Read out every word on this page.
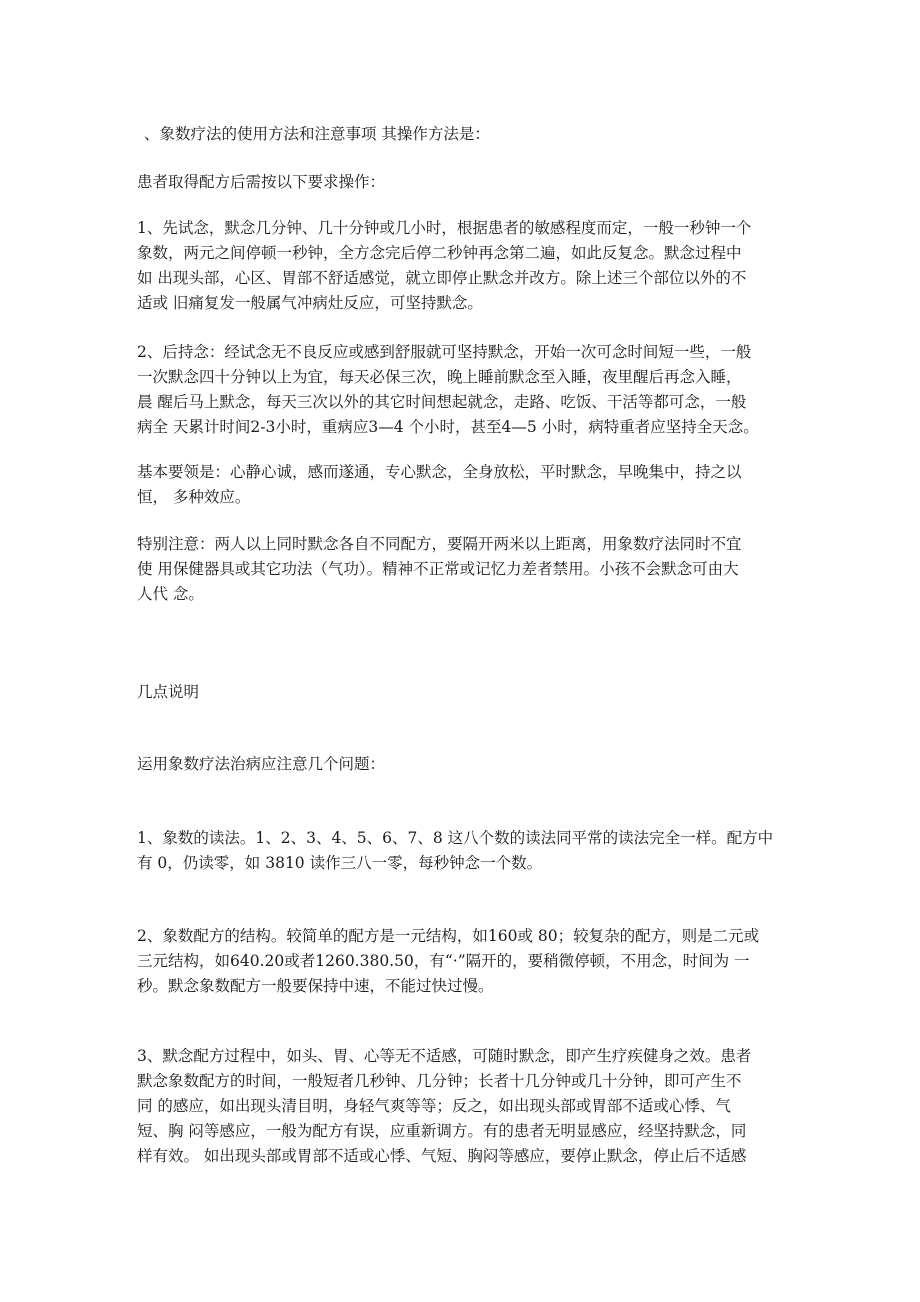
、象数疗法的使用方法和注意事项 其操作方法是：

患者取得配方后需按以下要求操作：

1、先试念，默念几分钟、几十分钟或几小时，根据患者的敏感程度而定，一般一秒钟一个
象数，两元之间停顿一秒钟，全方念完后停二秒钟再念第二遍，如此反复念。默念过程中
如 出现头部，心区、胃部不舒适感觉，就立即停止默念并改方。除上述三个部位以外的不
适或 旧痛复发一般属气冲病灶反应，可坚持默念。

2、后持念：经试念无不良反应或感到舒服就可坚持默念，开始一次可念时间短一些，一般
一次默念四十分钟以上为宜，每天必保三次，晚上睡前默念至入睡，夜里醒后再念入睡，
晨 醒后马上默念，每天三次以外的其它时间想起就念，走路、吃饭、干活等都可念，一般
病全 天累计时间2-3小时，重病应3—4 个小时，甚至4—5 小时，病特重者应坚持全天念。

基本要领是：心静心诚，感而遂通，专心默念，全身放松，平时默念，早晚集中，持之以
恒， 多种效应。

特别注意：两人以上同时默念各自不同配方，要隔开两米以上距离，用象数疗法同时不宜
使 用保健器具或其它功法（气功）。精神不正常或记忆力差者禁用。小孩不会默念可由大
人代 念。

几点说明

运用象数疗法治病应注意几个问题：

1、象数的读法。1、2、3、4、5、6、7、8 这八个数的读法同平常的读法完全一样。配方中
有 0，仍读零，如 3810 读作三八一零，每秒钟念一个数。

2、象数配方的结构。较简单的配方是一元结构，如160或 80；较复杂的配方，则是二元或
三元结构，如640.20或者1260.380.50，有“·”隔开的，要稍微停顿，不用念，时间为 一
秒。默念象数配方一般要保持中速，不能过快过慢。

3、默念配方过程中，如头、胃、心等无不适感，可随时默念，即产生疗疾健身之效。患者
默念象数配方的时间，一般短者几秒钟、几分钟；长者十几分钟或几十分钟，即可产生不
同 的感应，如出现头清目明，身轻气爽等等；反之，如出现头部或胃部不适或心悸、气
短、胸 闷等感应，一般为配方有误，应重新调方。有的患者无明显感应，经坚持默念，同
样有效。 如出现头部或胃部不适或心悸、气短、胸闷等感应，要停止默念，停止后不适感
